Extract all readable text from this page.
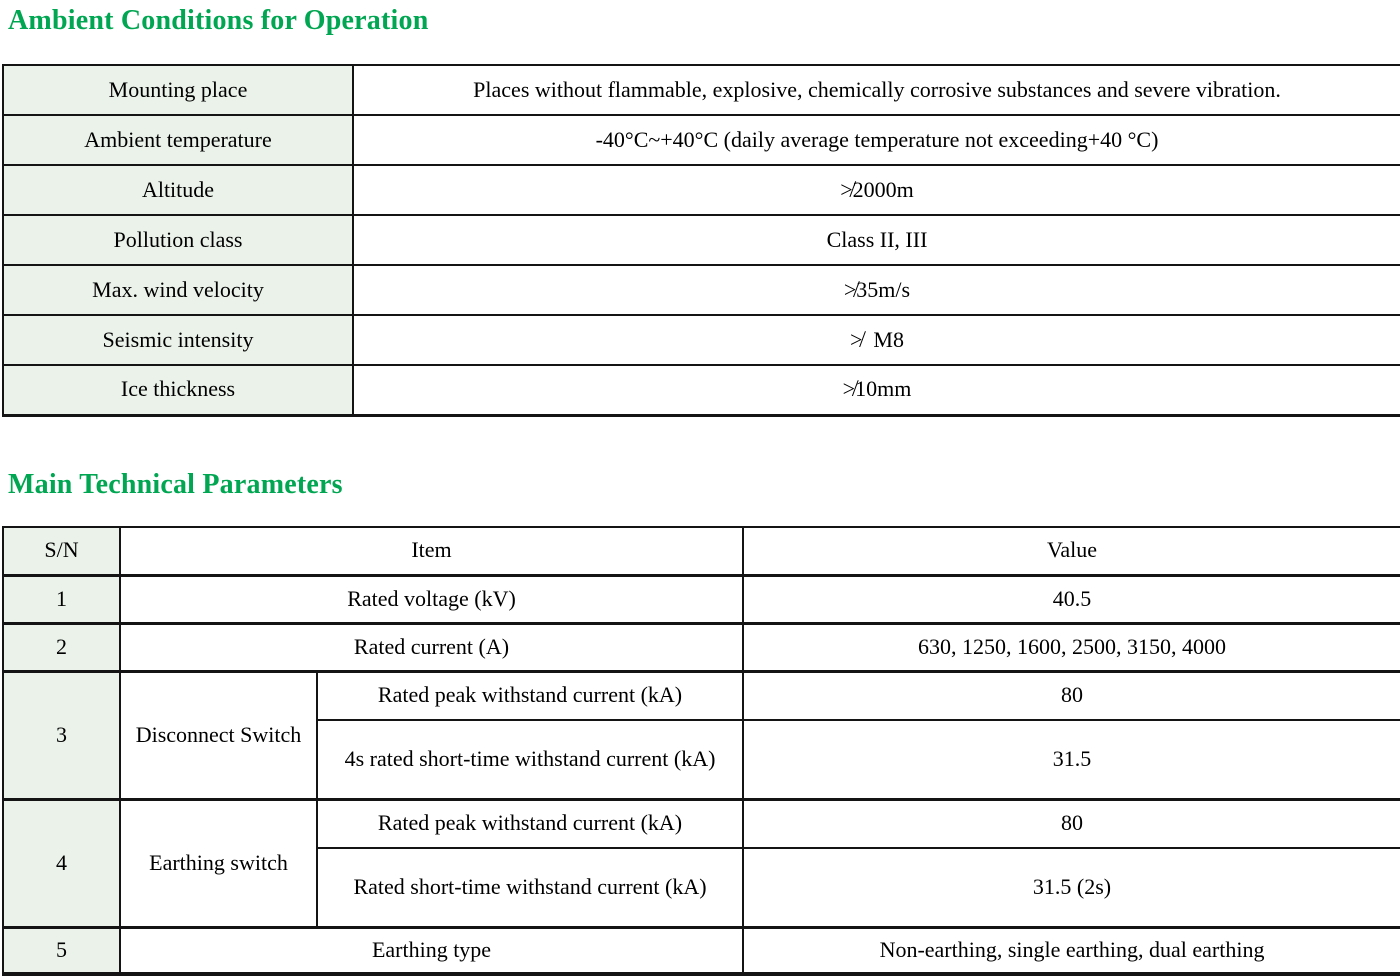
Ambient Conditions for Operation
Mounting place	Places without flammable, explosive, chemically corrosive substances and severe vibration.
Ambient temperature	-40°C~+40°C (daily average temperature not exceeding+40 °C)
Altitude	≯2000m
Pollution class	Class II, III
Max. wind velocity	≯35m/s
Seismic intensity	≯  M8
Ice thickness	≯10mm
Main Technical Parameters
S/N	Item		Value
1	Rated voltage (kV)		40.5
2	Rated current (A)		630, 1250, 1600, 2500, 3150, 4000
3	Disconnect Switch	Rated peak withstand current (kA)	80
		4s rated short-time withstand current (kA)	31.5
4	Earthing switch	Rated peak withstand current (kA)	80
		Rated short-time withstand current (kA)	31.5 (2s)
5	Earthing type		Non-earthing, single earthing, dual earthing
